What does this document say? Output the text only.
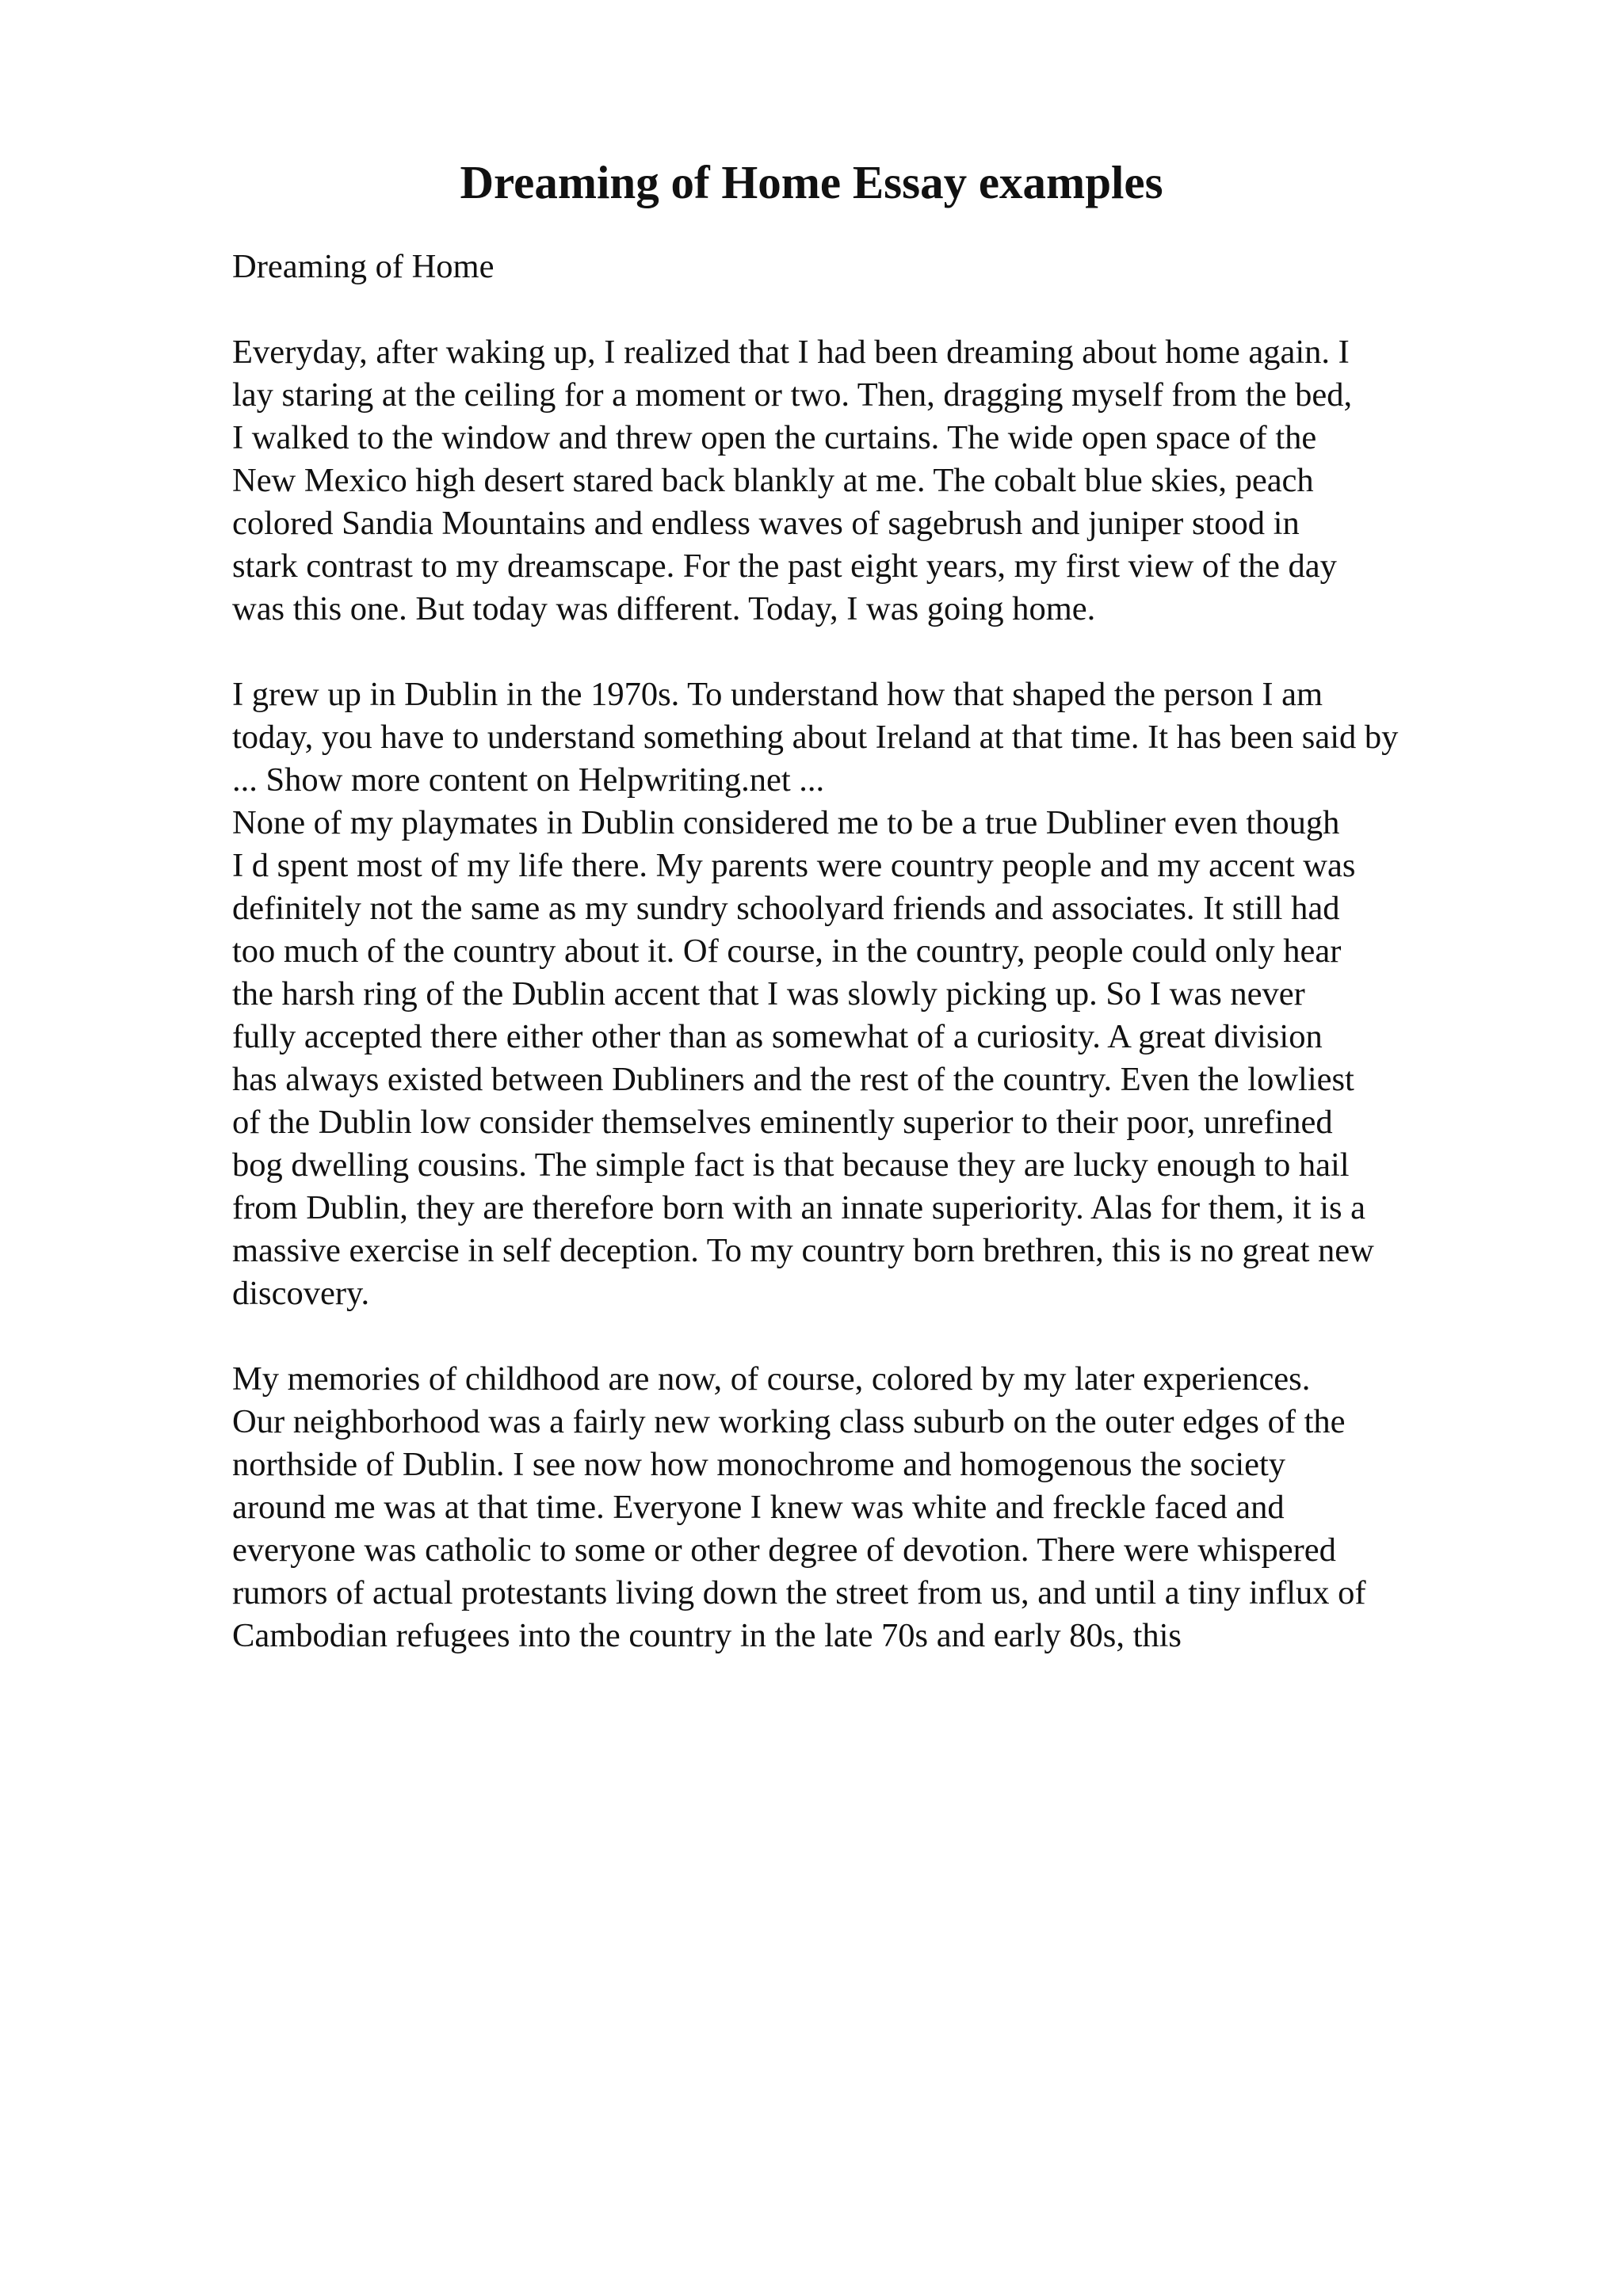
Dreaming of Home Essay examples
Dreaming of Home
Everyday, after waking up, I realized that I had been dreaming about home again. I
lay staring at the ceiling for a moment or two. Then, dragging myself from the bed,
I walked to the window and threw open the curtains. The wide open space of the
New Mexico high desert stared back blankly at me. The cobalt blue skies, peach
colored Sandia Mountains and endless waves of sagebrush and juniper stood in
stark contrast to my dreamscape. For the past eight years, my first view of the day
was this one. But today was different. Today, I was going home.
I grew up in Dublin in the 1970s. To understand how that shaped the person I am
today, you have to understand something about Ireland at that time. It has been said by
... Show more content on Helpwriting.net ...
None of my playmates in Dublin considered me to be a true Dubliner even though
I d spent most of my life there. My parents were country people and my accent was
definitely not the same as my sundry schoolyard friends and associates. It still had
too much of the country about it. Of course, in the country, people could only hear
the harsh ring of the Dublin accent that I was slowly picking up. So I was never
fully accepted there either other than as somewhat of a curiosity. A great division
has always existed between Dubliners and the rest of the country. Even the lowliest
of the Dublin low consider themselves eminently superior to their poor, unrefined
bog dwelling cousins. The simple fact is that because they are lucky enough to hail
from Dublin, they are therefore born with an innate superiority. Alas for them, it is a
massive exercise in self deception. To my country born brethren, this is no great new
discovery.
My memories of childhood are now, of course, colored by my later experiences.
Our neighborhood was a fairly new working class suburb on the outer edges of the
northside of Dublin. I see now how monochrome and homogenous the society
around me was at that time. Everyone I knew was white and freckle faced and
everyone was catholic to some or other degree of devotion. There were whispered
rumors of actual protestants living down the street from us, and until a tiny influx of
Cambodian refugees into the country in the late 70s and early 80s, this
